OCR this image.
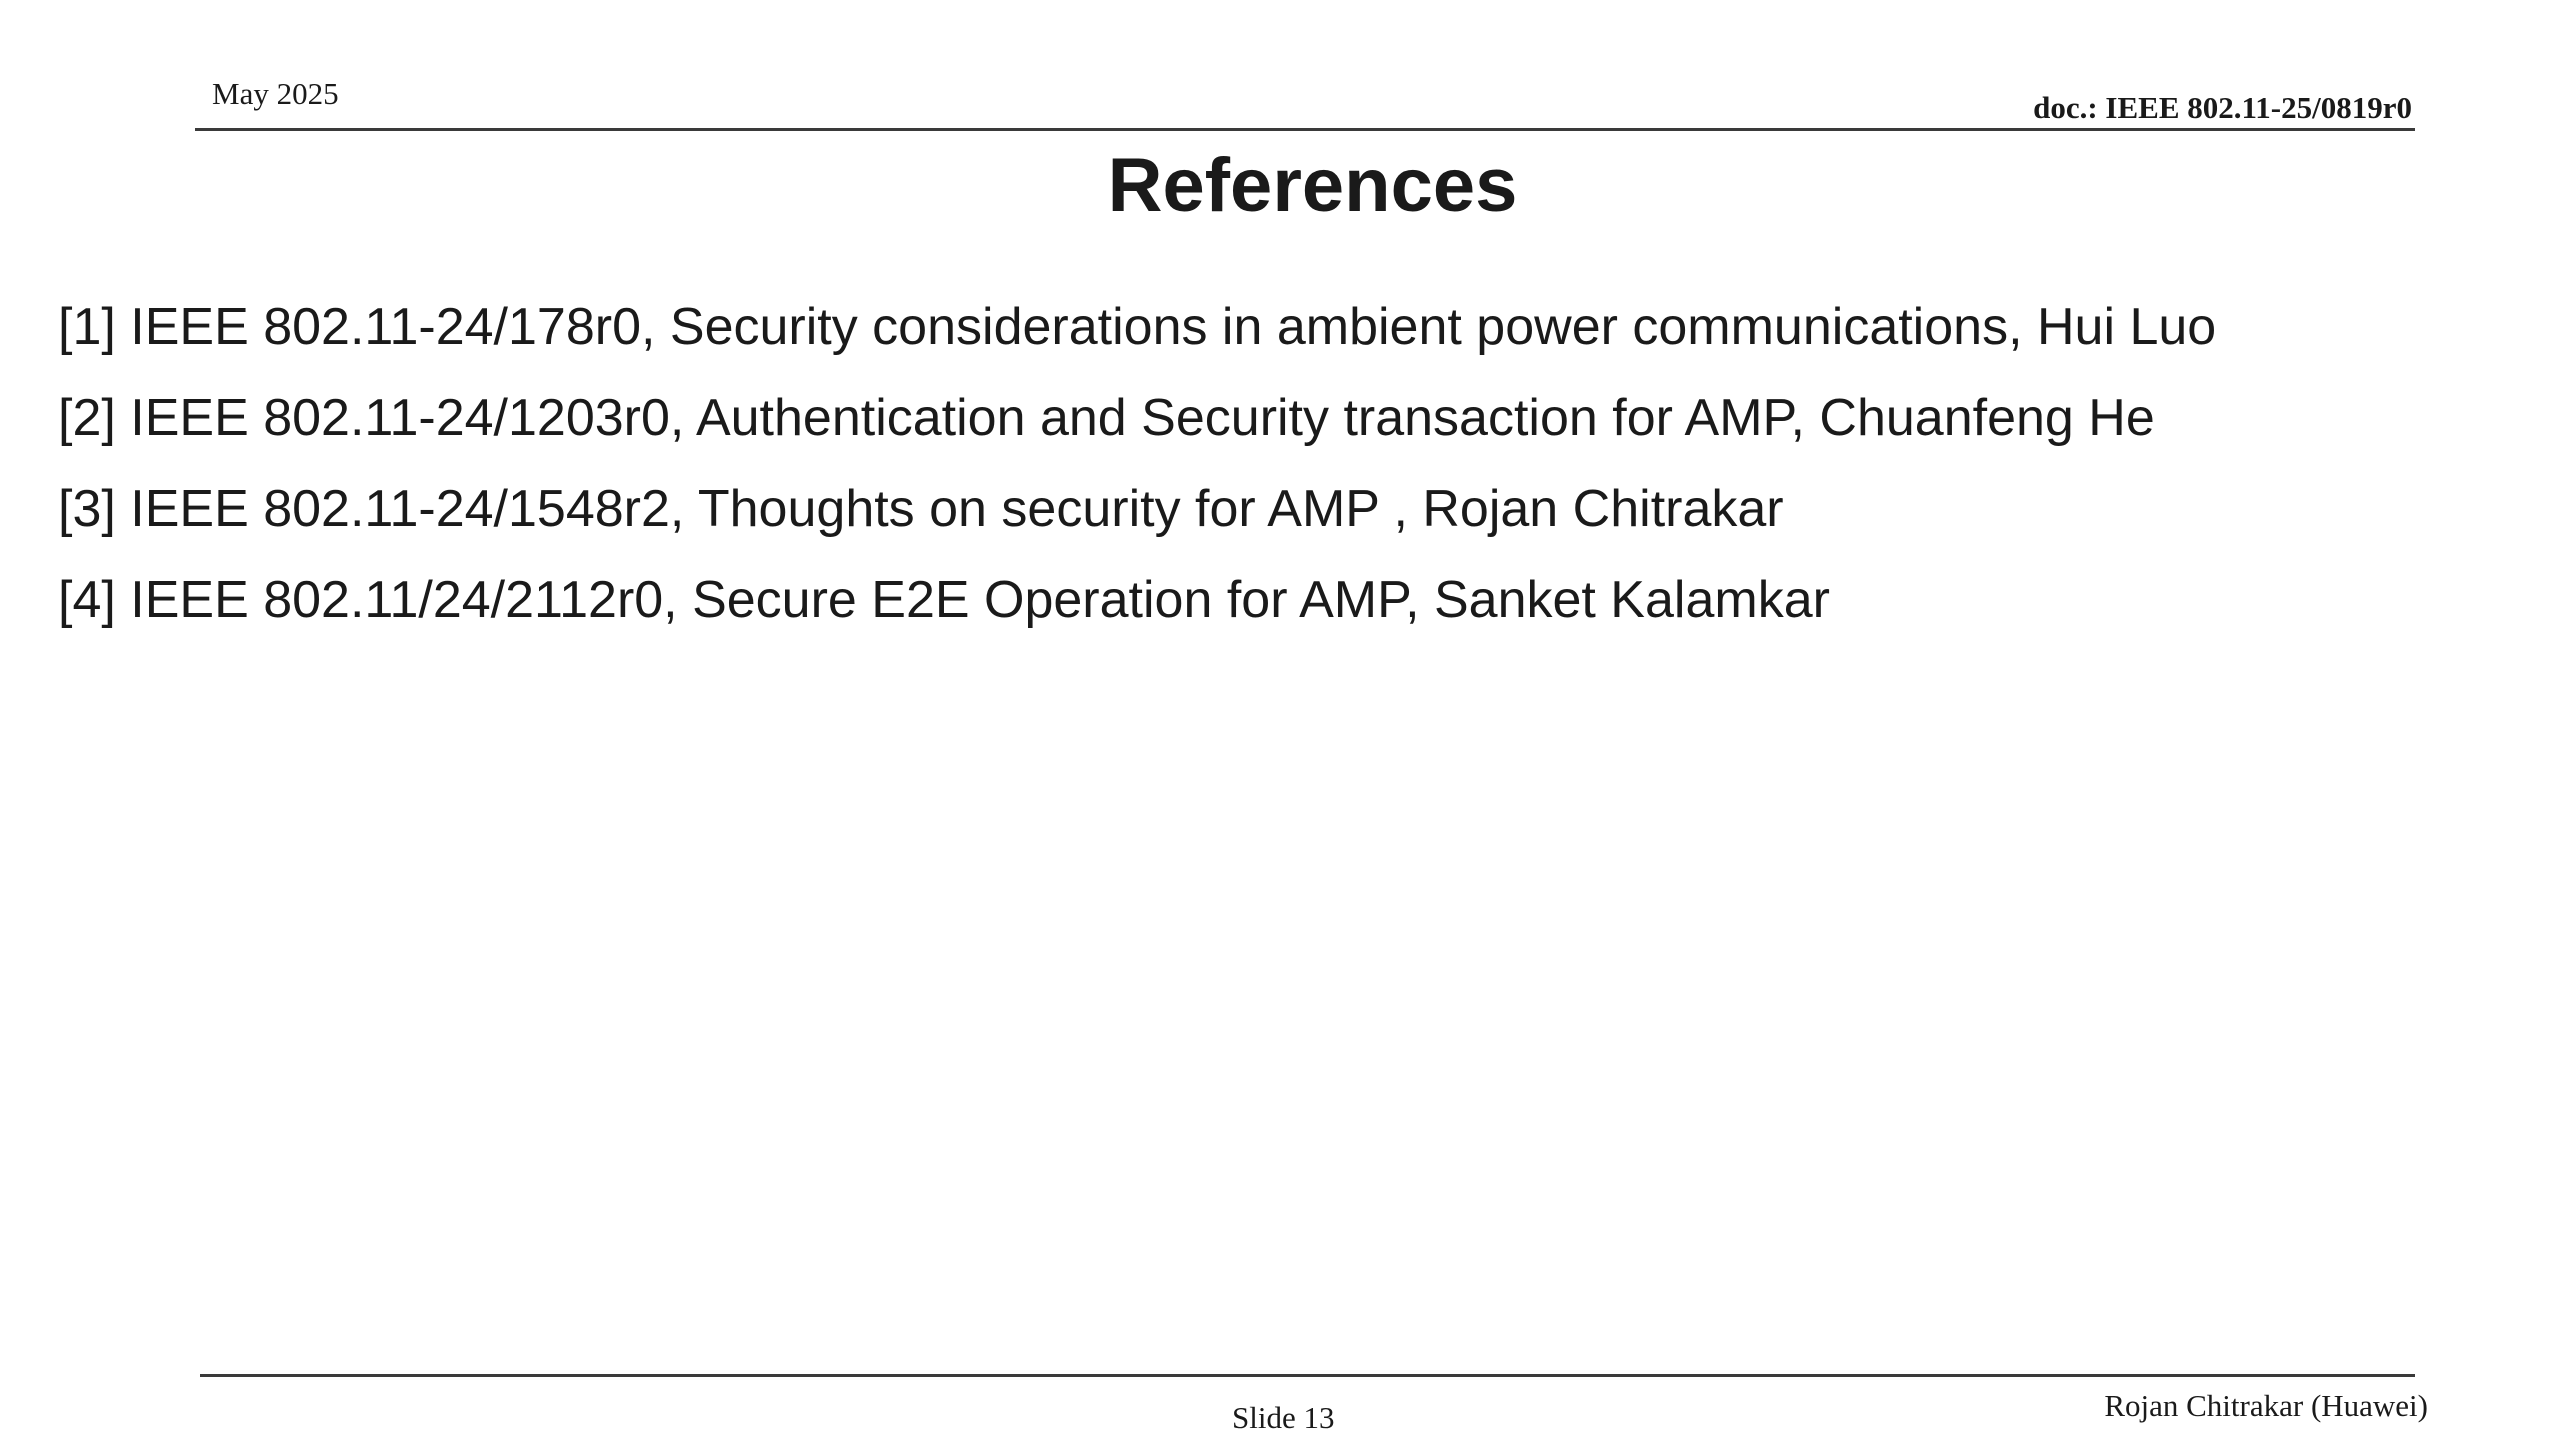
May 2025	doc.: IEEE 802.11-25/0819r0
References
[1] IEEE 802.11-24/178r0, Security considerations in ambient power communications, Hui Luo
[2] IEEE 802.11-24/1203r0, Authentication and Security transaction for AMP, Chuanfeng He
[3] IEEE 802.11-24/1548r2, Thoughts on security for AMP , Rojan Chitrakar
[4] IEEE 802.11/24/2112r0, Secure E2E Operation for AMP, Sanket Kalamkar
Slide 13	Rojan Chitrakar (Huawei)
